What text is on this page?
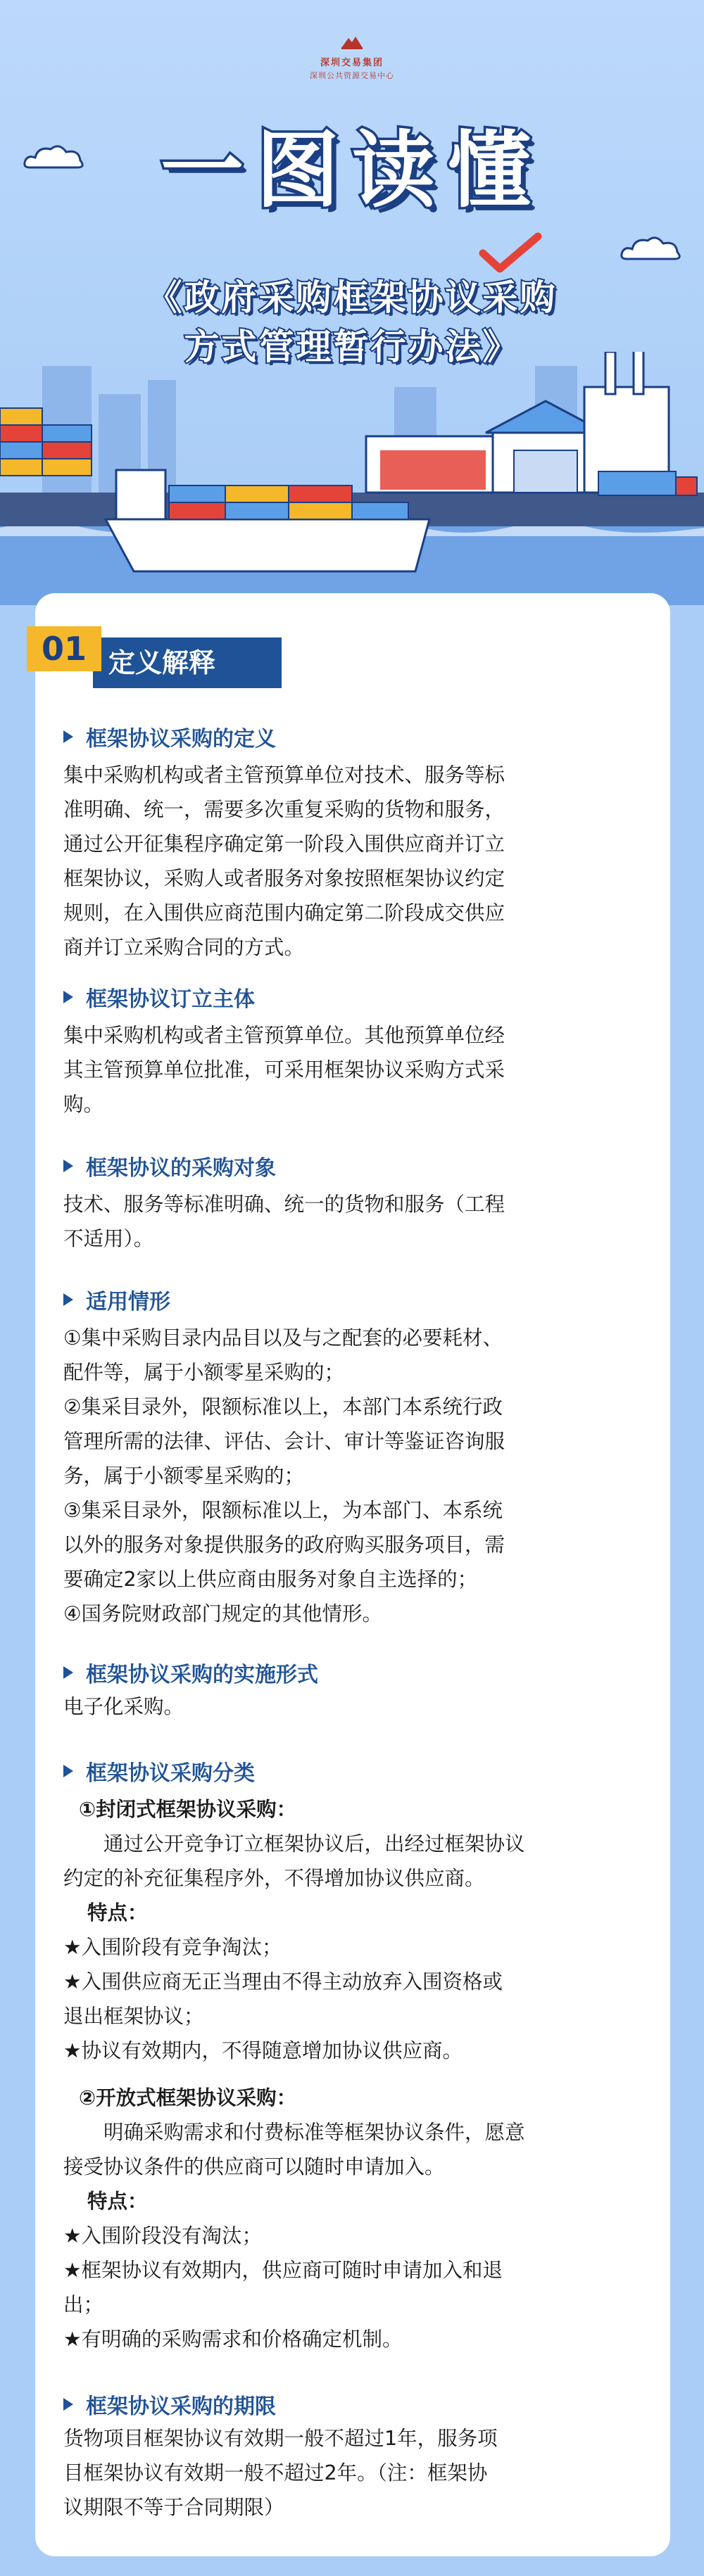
深圳交易集团
深圳公共资源交易中心
一图读懂
《政府采购框架协议采购
方式管理暂行办法》
01 定义解释
框架协议采购的定义

集中采购机构或者主管预算单位对技术、服务等标

准明确、统一，需要多次重复采购的货物和服务，

通过公开征集程序确定第一阶段入围供应商并订立

框架协议，采购人或者服务对象按照框架协议约定

规则，在入围供应商范围内确定第二阶段成交供应

商并订立采购合同的方式。

框架协议订立主体

集中采购机构或者主管预算单位。其他预算单位经

其主管预算单位批准，可采用框架协议采购方式采

购。

框架协议的采购对象

技术、服务等标准明确、统一的货物和服务（工程

不适用）。

适用情形

①集中采购目录内品目以及与之配套的必要耗材、

配件等，属于小额零星采购的；

②集采目录外，限额标准以上，本部门本系统行政

管理所需的法律、评估、会计、审计等鉴证咨询服

务，属于小额零星采购的；

③集采目录外，限额标准以上，为本部门、本系统

以外的服务对象提供服务的政府购买服务项目，需

要确定2家以上供应商由服务对象自主选择的；

④国务院财政部门规定的其他情形。

框架协议采购的实施形式

电子化采购。

框架协议采购分类

①封闭式框架协议采购：

通过公开竞争订立框架协议后，出经过框架协议

约定的补充征集程序外，不得增加协议供应商。

特点：

★入围阶段有竞争淘汰；

★入围供应商无正当理由不得主动放弃入围资格或

退出框架协议；

★协议有效期内，不得随意增加协议供应商。

②开放式框架协议采购：

明确采购需求和付费标准等框架协议条件，愿意

接受协议条件的供应商可以随时申请加入。

特点：

★入围阶段没有淘汰；

★框架协议有效期内，供应商可随时申请加入和退

出；

★有明确的采购需求和价格确定机制。

框架协议采购的期限

货物项目框架协议有效期一般不超过1年，服务项

目框架协议有效期一般不超过2年。（注：框架协

议期限不等于合同期限）
